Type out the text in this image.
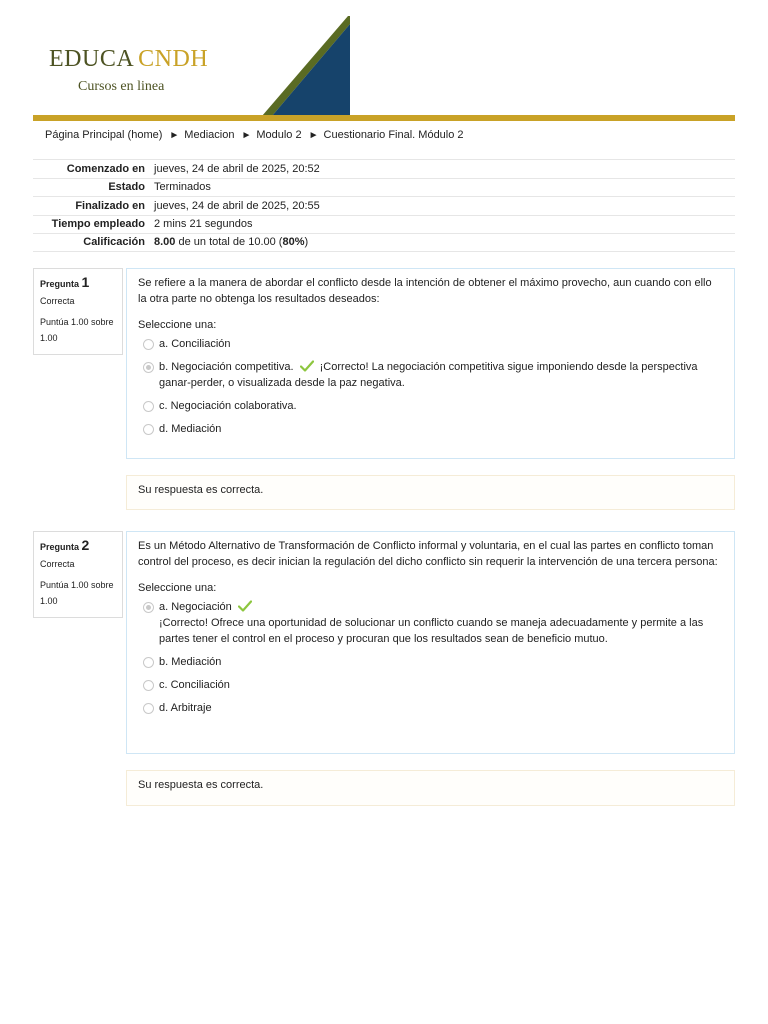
EDUCA CNDH
Cursos en linea
Página Principal (home) ► Mediacion ► Modulo 2 ► Cuestionario Final. Módulo 2
Comenzado en jueves, 24 de abril de 2025, 20:52
Estado Terminados
Finalizado en jueves, 24 de abril de 2025, 20:55
Tiempo empleado 2 mins 21 segundos
Calificación 8.00 de un total de 10.00 (80%)
Pregunta 1
Correcta
Puntúa 1.00 sobre 1.00
Se refiere a la manera de abordar el conflicto desde la intención de obtener el máximo provecho, aun cuando con ello la otra parte no obtenga los resultados deseados:
Seleccione una:
a. Conciliación
b. Negociación competitiva. ¡Correcto! La negociación competitiva sigue imponiendo desde la perspectiva ganar-perder, o visualizada desde la paz negativa.
c. Negociación colaborativa.
d. Mediación
Su respuesta es correcta.
Pregunta 2
Correcta
Puntúa 1.00 sobre 1.00
Es un Método Alternativo de Transformación de Conflicto informal y voluntaria, en el cual las partes en conflicto toman control del proceso, es decir inician la regulación del dicho conflicto sin requerir la intervención de una tercera persona:
Seleccione una:
a. Negociación
¡Correcto! Ofrece una oportunidad de solucionar un conflicto cuando se maneja adecuadamente y permite a las partes tener el control en el proceso y procuran que los resultados sean de beneficio mutuo.
b. Mediación
c. Conciliación
d. Arbitraje
Su respuesta es correcta.
